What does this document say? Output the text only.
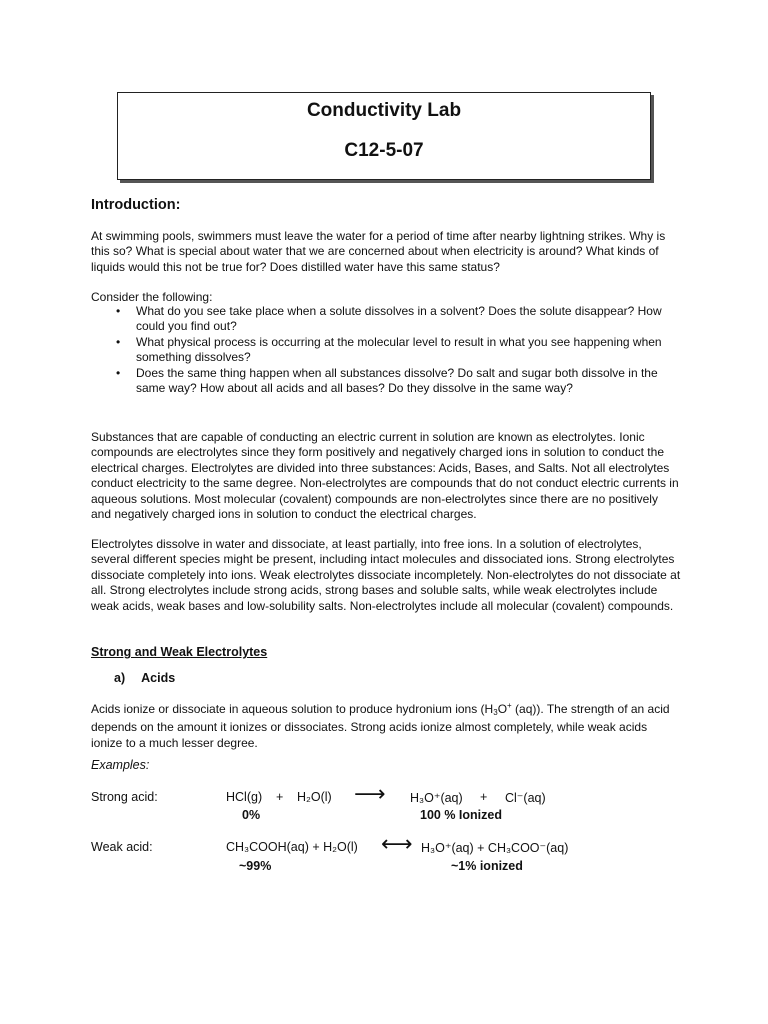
Conductivity Lab
C12-5-07
Introduction:
At swimming pools, swimmers must leave the water for a period of time after nearby lightning strikes. Why is this so? What is special about water that we are concerned about when electricity is around? What kinds of liquids would this not be true for? Does distilled water have this same status?
Consider the following:
• What do you see take place when a solute dissolves in a solvent? Does the solute disappear? How could you find out?
• What physical process is occurring at the molecular level to result in what you see happening when something dissolves?
• Does the same thing happen when all substances dissolve? Do salt and sugar both dissolve in the same way? How about all acids and all bases? Do they dissolve in the same way?
Substances that are capable of conducting an electric current in solution are known as electrolytes. Ionic compounds are electrolytes since they form positively and negatively charged ions in solution to conduct the electrical charges. Electrolytes are divided into three substances: Acids, Bases, and Salts. Not all electrolytes conduct electricity to the same degree. Non-electrolytes are compounds that do not conduct electric currents in aqueous solutions. Most molecular (covalent) compounds are non-electrolytes since there are no positively and negatively charged ions in solution to conduct the electrical charges.
Electrolytes dissolve in water and dissociate, at least partially, into free ions. In a solution of electrolytes, several different species might be present, including intact molecules and dissociated ions. Strong electrolytes dissociate completely into ions. Weak electrolytes dissociate incompletely. Non-electrolytes do not dissociate at all. Strong electrolytes include strong acids, strong bases and soluble salts, while weak electrolytes include weak acids, weak bases and low-solubility salts. Non-electrolytes include all molecular (covalent) compounds.
Strong and Weak Electrolytes
a) Acids
Acids ionize or dissociate in aqueous solution to produce hydronium ions ($H_3O^+$ (aq)). The strength of an acid depends on the amount it ionizes or dissociates. Strong acids ionize almost completely, while weak acids ionize to a much lesser degree.
Examples:
Strong acid:	HCl(g) + H₂O(l) ⟶ H₃O⁺(aq) + Cl⁻(aq)
0%	100 % Ionized
Weak acid:	CH₃COOH(aq) + H₂O(l) ⟷ H₃O⁺(aq) + CH₃COO⁻(aq)
~99%	~1% ionized
